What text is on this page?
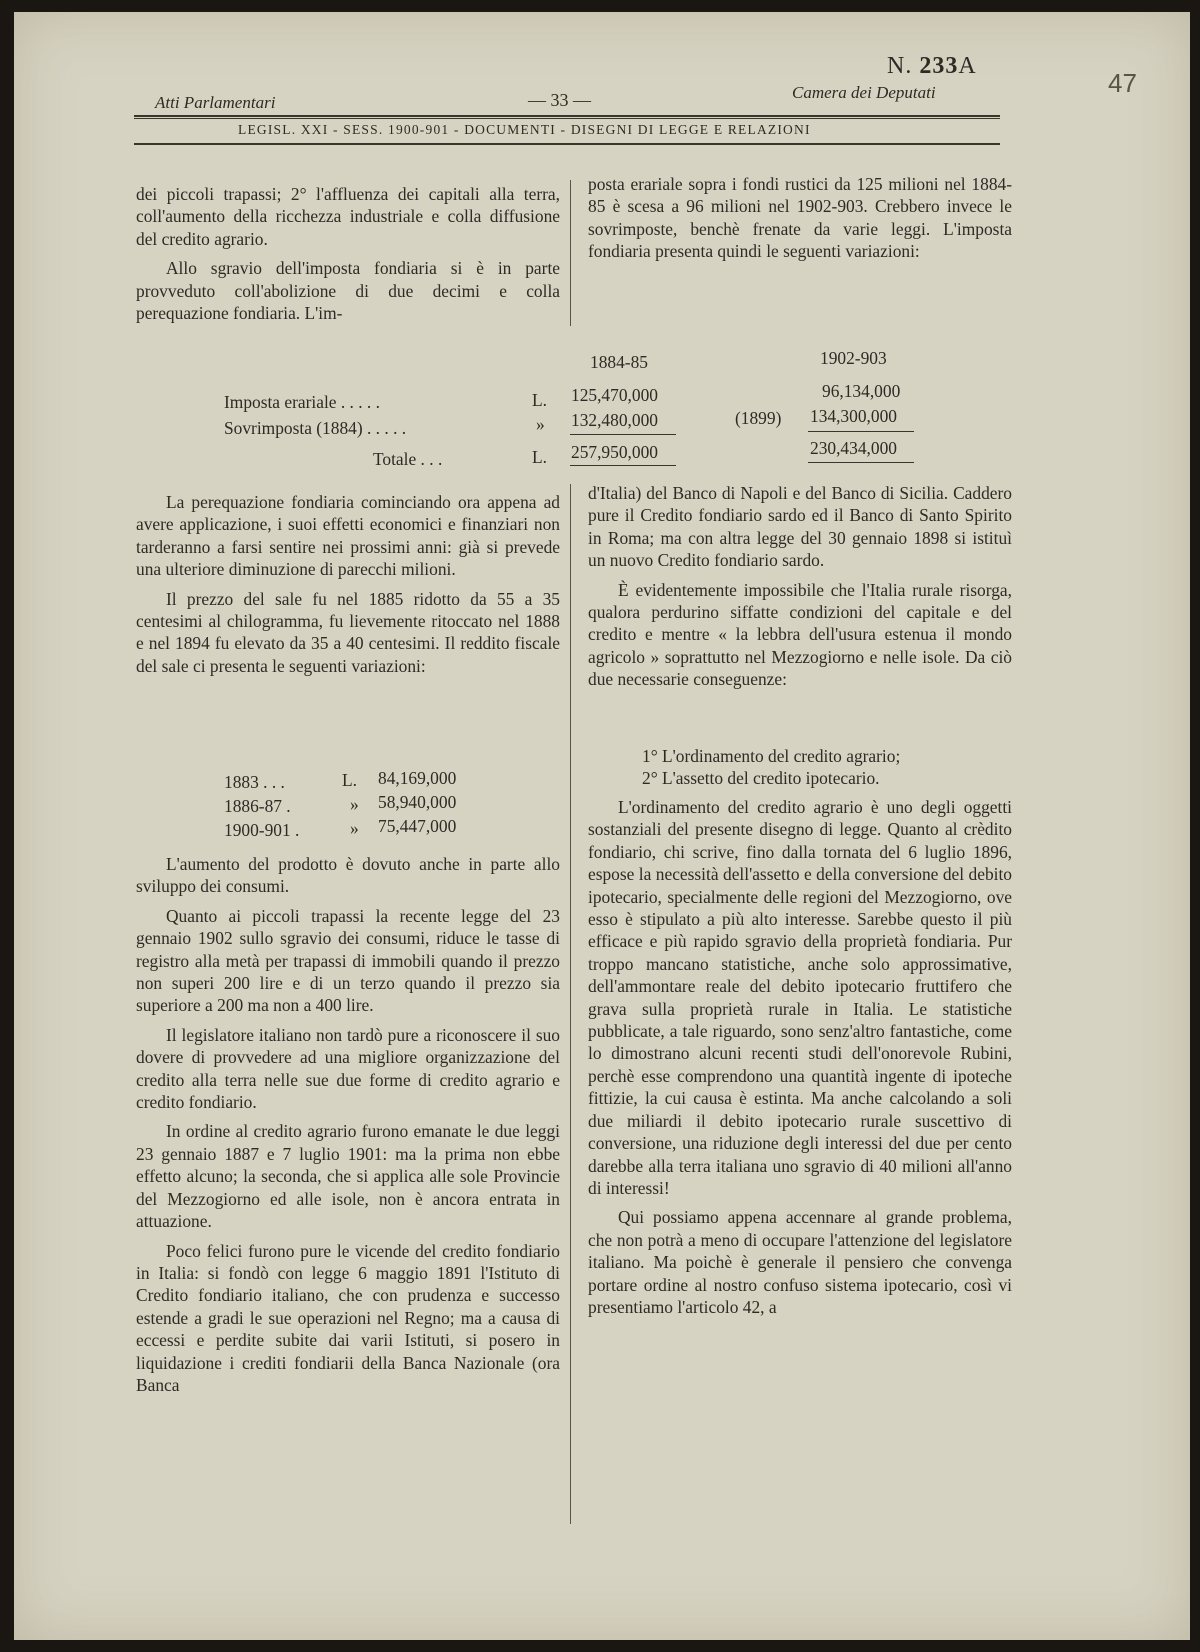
N. 233A
47
Atti Parlamentari	— 33 —	Camera dei Deputati
LEGISL. XXI - SESS. 1900-901 - DOCUMENTI - DISEGNI DI LEGGE E RELAZIONI

dei piccoli trapassi; 2° l'affluenza dei capitali alla terra, coll'aumento della ricchezza industriale e colla diffusione del credito agrario.

Allo sgravio dell'imposta fondiaria si è in parte provveduto coll'abolizione di due decimi e colla perequazione fondiaria. L'im-

posta erariale sopra i fondi rustici da 125 milioni nel 1884-85 è scesa a 96 milioni nel 1902-903. Crebbero invece le sovrimposte, benchè frenate da varie leggi. L'imposta fondiaria presenta quindi le seguenti variazioni:

1884-85	1902-903
Imposta erariale . . . . .	L. 125,470,000	96,134,000
Sovrimposta (1884) . . . . .	» 132,480,000	(1899) 134,300,000
Totale . . .	L. 257,950,000	230,434,000

La perequazione fondiaria cominciando ora appena ad avere applicazione, i suoi effetti economici e finanziari non tarderanno a farsi sentire nei prossimi anni: già si prevede una ulteriore diminuzione di parecchi milioni.

Il prezzo del sale fu nel 1885 ridotto da 55 a 35 centesimi al chilogramma, fu lievemente ritoccato nel 1888 e nel 1894 fu elevato da 35 a 40 centesimi. Il reddito fiscale del sale ci presenta le seguenti variazioni:

1883 . . .	L. 84,169,000
1886-87 .	» 58,940,000
1900-901 .	» 75,447,000

L'aumento del prodotto è dovuto anche in parte allo sviluppo dei consumi.

Quanto ai piccoli trapassi la recente legge del 23 gennaio 1902 sullo sgravio dei consumi, riduce le tasse di registro alla metà per trapassi di immobili quando il prezzo non superi 200 lire e di un terzo quando il prezzo sia superiore a 200 ma non a 400 lire.

Il legislatore italiano non tardò pure a riconoscere il suo dovere di provvedere ad una migliore organizzazione del credito alla terra nelle sue due forme di credito agrario e credito fondiario.

In ordine al credito agrario furono emanate le due leggi 23 gennaio 1887 e 7 luglio 1901: ma la prima non ebbe effetto alcuno; la seconda, che si applica alle sole Provincie del Mezzogiorno ed alle isole, non è ancora entrata in attuazione.

Poco felici furono pure le vicende del credito fondiario in Italia: si fondò con legge 6 maggio 1891 l'Istituto di Credito fondiario italiano, che con prudenza e successo estende a gradi le sue operazioni nel Regno; ma a causa di eccessi e perdite subite dai varii Istituti, si posero in liquidazione i crediti fondiarii della Banca Nazionale (ora Banca

d'Italia) del Banco di Napoli e del Banco di Sicilia. Caddero pure il Credito fondiario sardo ed il Banco di Santo Spirito in Roma; ma con altra legge del 30 gennaio 1898 si istituì un nuovo Credito fondiario sardo.

È evidentemente impossibile che l'Italia rurale risorga, qualora perdurino siffatte condizioni del capitale e del credito e mentre « la lebbra dell'usura estenua il mondo agricolo » soprattutto nel Mezzogiorno e nelle isole. Da ciò due necessarie conseguenze:

1° L'ordinamento del credito agrario;
2° L'assetto del credito ipotecario.

L'ordinamento del credito agrario è uno degli oggetti sostanziali del presente disegno di legge. Quanto al crèdito fondiario, chi scrive, fino dalla tornata del 6 luglio 1896, espose la necessità dell'assetto e della conversione del debito ipotecario, specialmente delle regioni del Mezzogiorno, ove esso è stipulato a più alto interesse. Sarebbe questo il più efficace e più rapido sgravio della proprietà fondiaria. Pur troppo mancano statistiche, anche solo approssimative, dell'ammontare reale del debito ipotecario fruttifero che grava sulla proprietà rurale in Italia. Le statistiche pubblicate, a tale riguardo, sono senz'altro fantastiche, come lo dimostrano alcuni recenti studi dell'onorevole Rubini, perchè esse comprendono una quantità ingente di ipoteche fittizie, la cui causa è estinta. Ma anche calcolando a soli due miliardi il debito ipotecario rurale suscettivo di conversione, una riduzione degli interessi del due per cento darebbe alla terra italiana uno sgravio di 40 milioni all'anno di interessi!

Qui possiamo appena accennare al grande problema, che non potrà a meno di occupare l'attenzione del legislatore italiano. Ma poichè è generale il pensiero che convenga portare ordine al nostro confuso sistema ipotecario, così vi presentiamo l'articolo 42, a
